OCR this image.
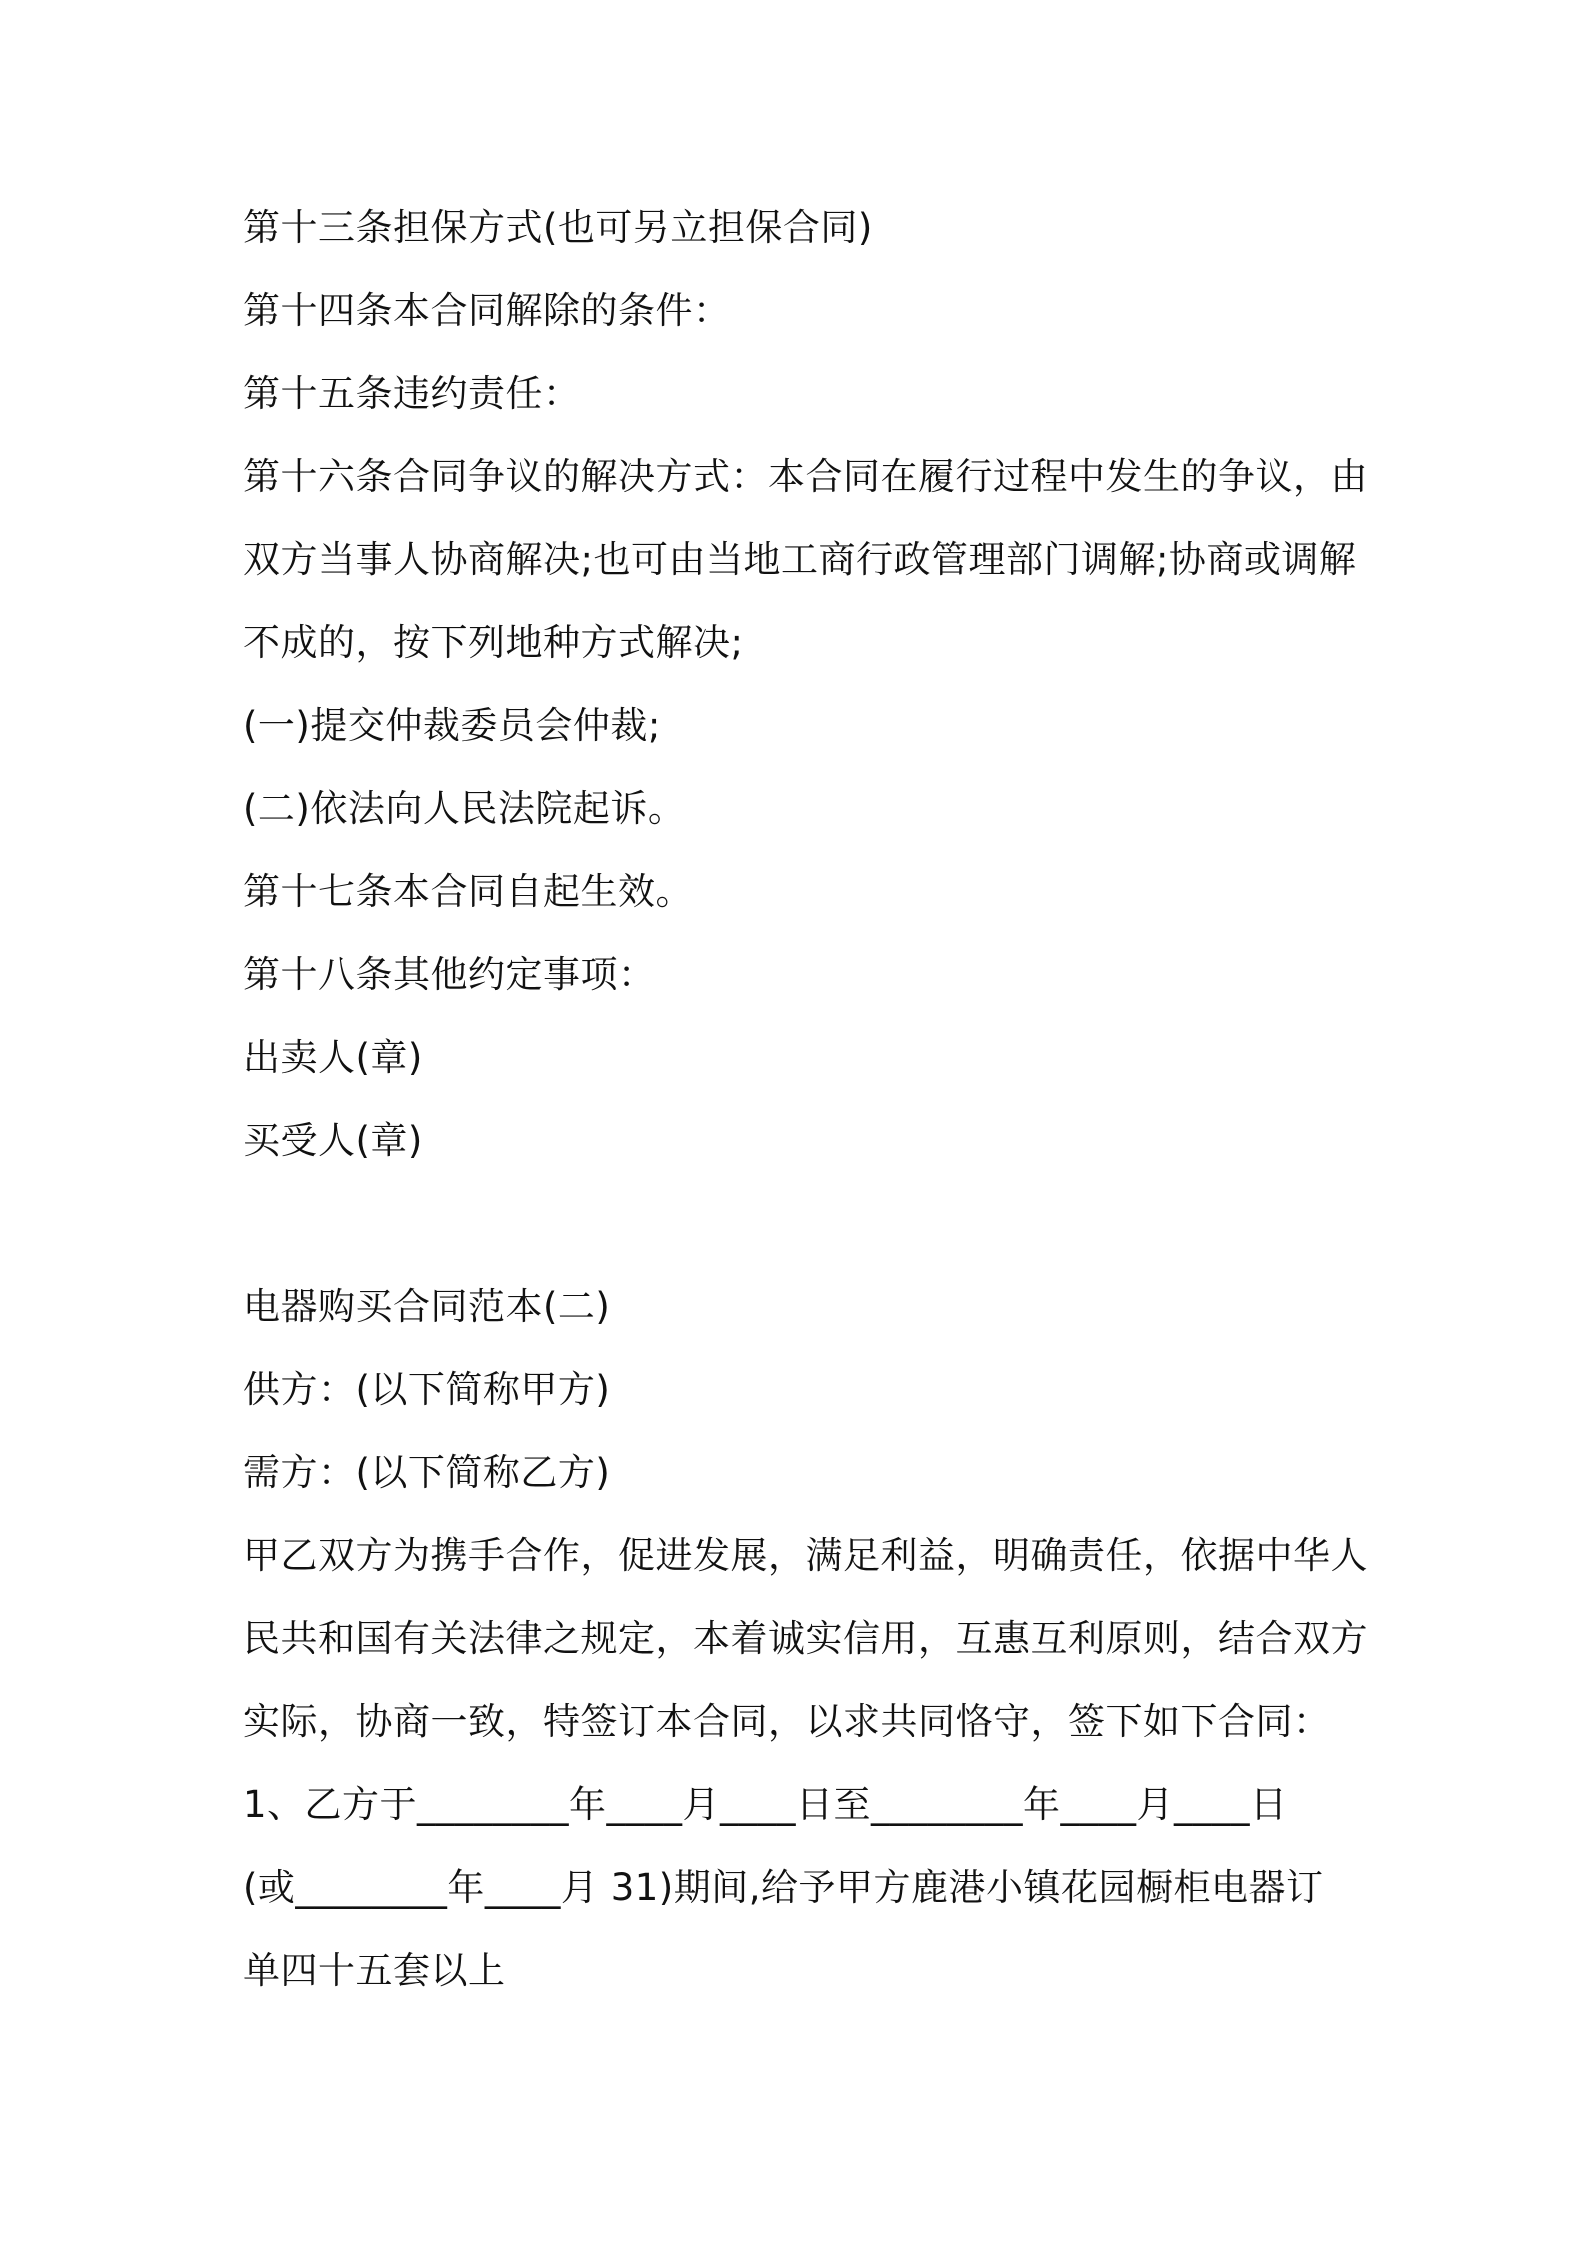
第十三条担保方式(也可另立担保合同)
第十四条本合同解除的条件：
第十五条违约责任：
第十六条合同争议的解决方式：本合同在履行过程中发生的争议，由
双方当事人协商解决;也可由当地工商行政管理部门调解;协商或调解
不成的，按下列地种方式解决;
(一)提交仲裁委员会仲裁;
(二)依法向人民法院起诉。
第十七条本合同自起生效。
第十八条其他约定事项：
出卖人(章)
买受人(章)
电器购买合同范本(二)
供方：(以下简称甲方)
需方：(以下简称乙方)
甲乙双方为携手合作，促进发展，满足利益，明确责任，依据中华人
民共和国有关法律之规定，本着诚实信用，互惠互利原则，结合双方
实际，协商一致，特签订本合同，以求共同恪守，签下如下合同：
1、乙方于________年____月____日至________年____月____日
(或________年____月 31)期间,给予甲方鹿港小镇花园橱柜电器订
单四十五套以上
